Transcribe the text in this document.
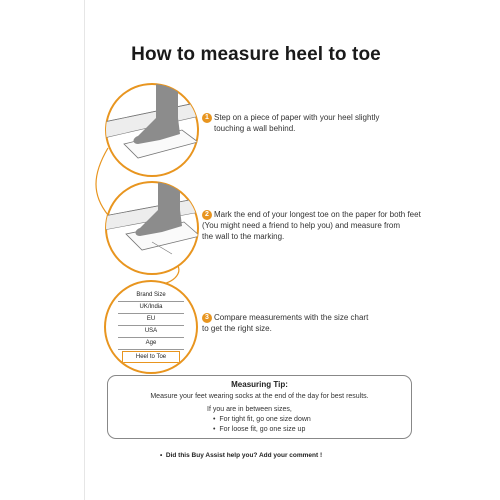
How to measure heel to toe
1 Step on a piece of paper with your heel slightly
touching a wall behind.
2 Mark the end of your longest toe on the paper for both feet
(You might need a friend to help you) and measure from
the wall to the marking.
Brand Size
UK/India
EU
USA
Age
Heel to Toe
3 Compare measurements with the size chart
to get the right size.
Measuring Tip:
Measure your feet wearing socks at the end of the day for best results.
If you are in between sizes,
•  For tight fit, go one size down
•  For loose fit, go one size up
•  Did this Buy Assist help you? Add your comment !
